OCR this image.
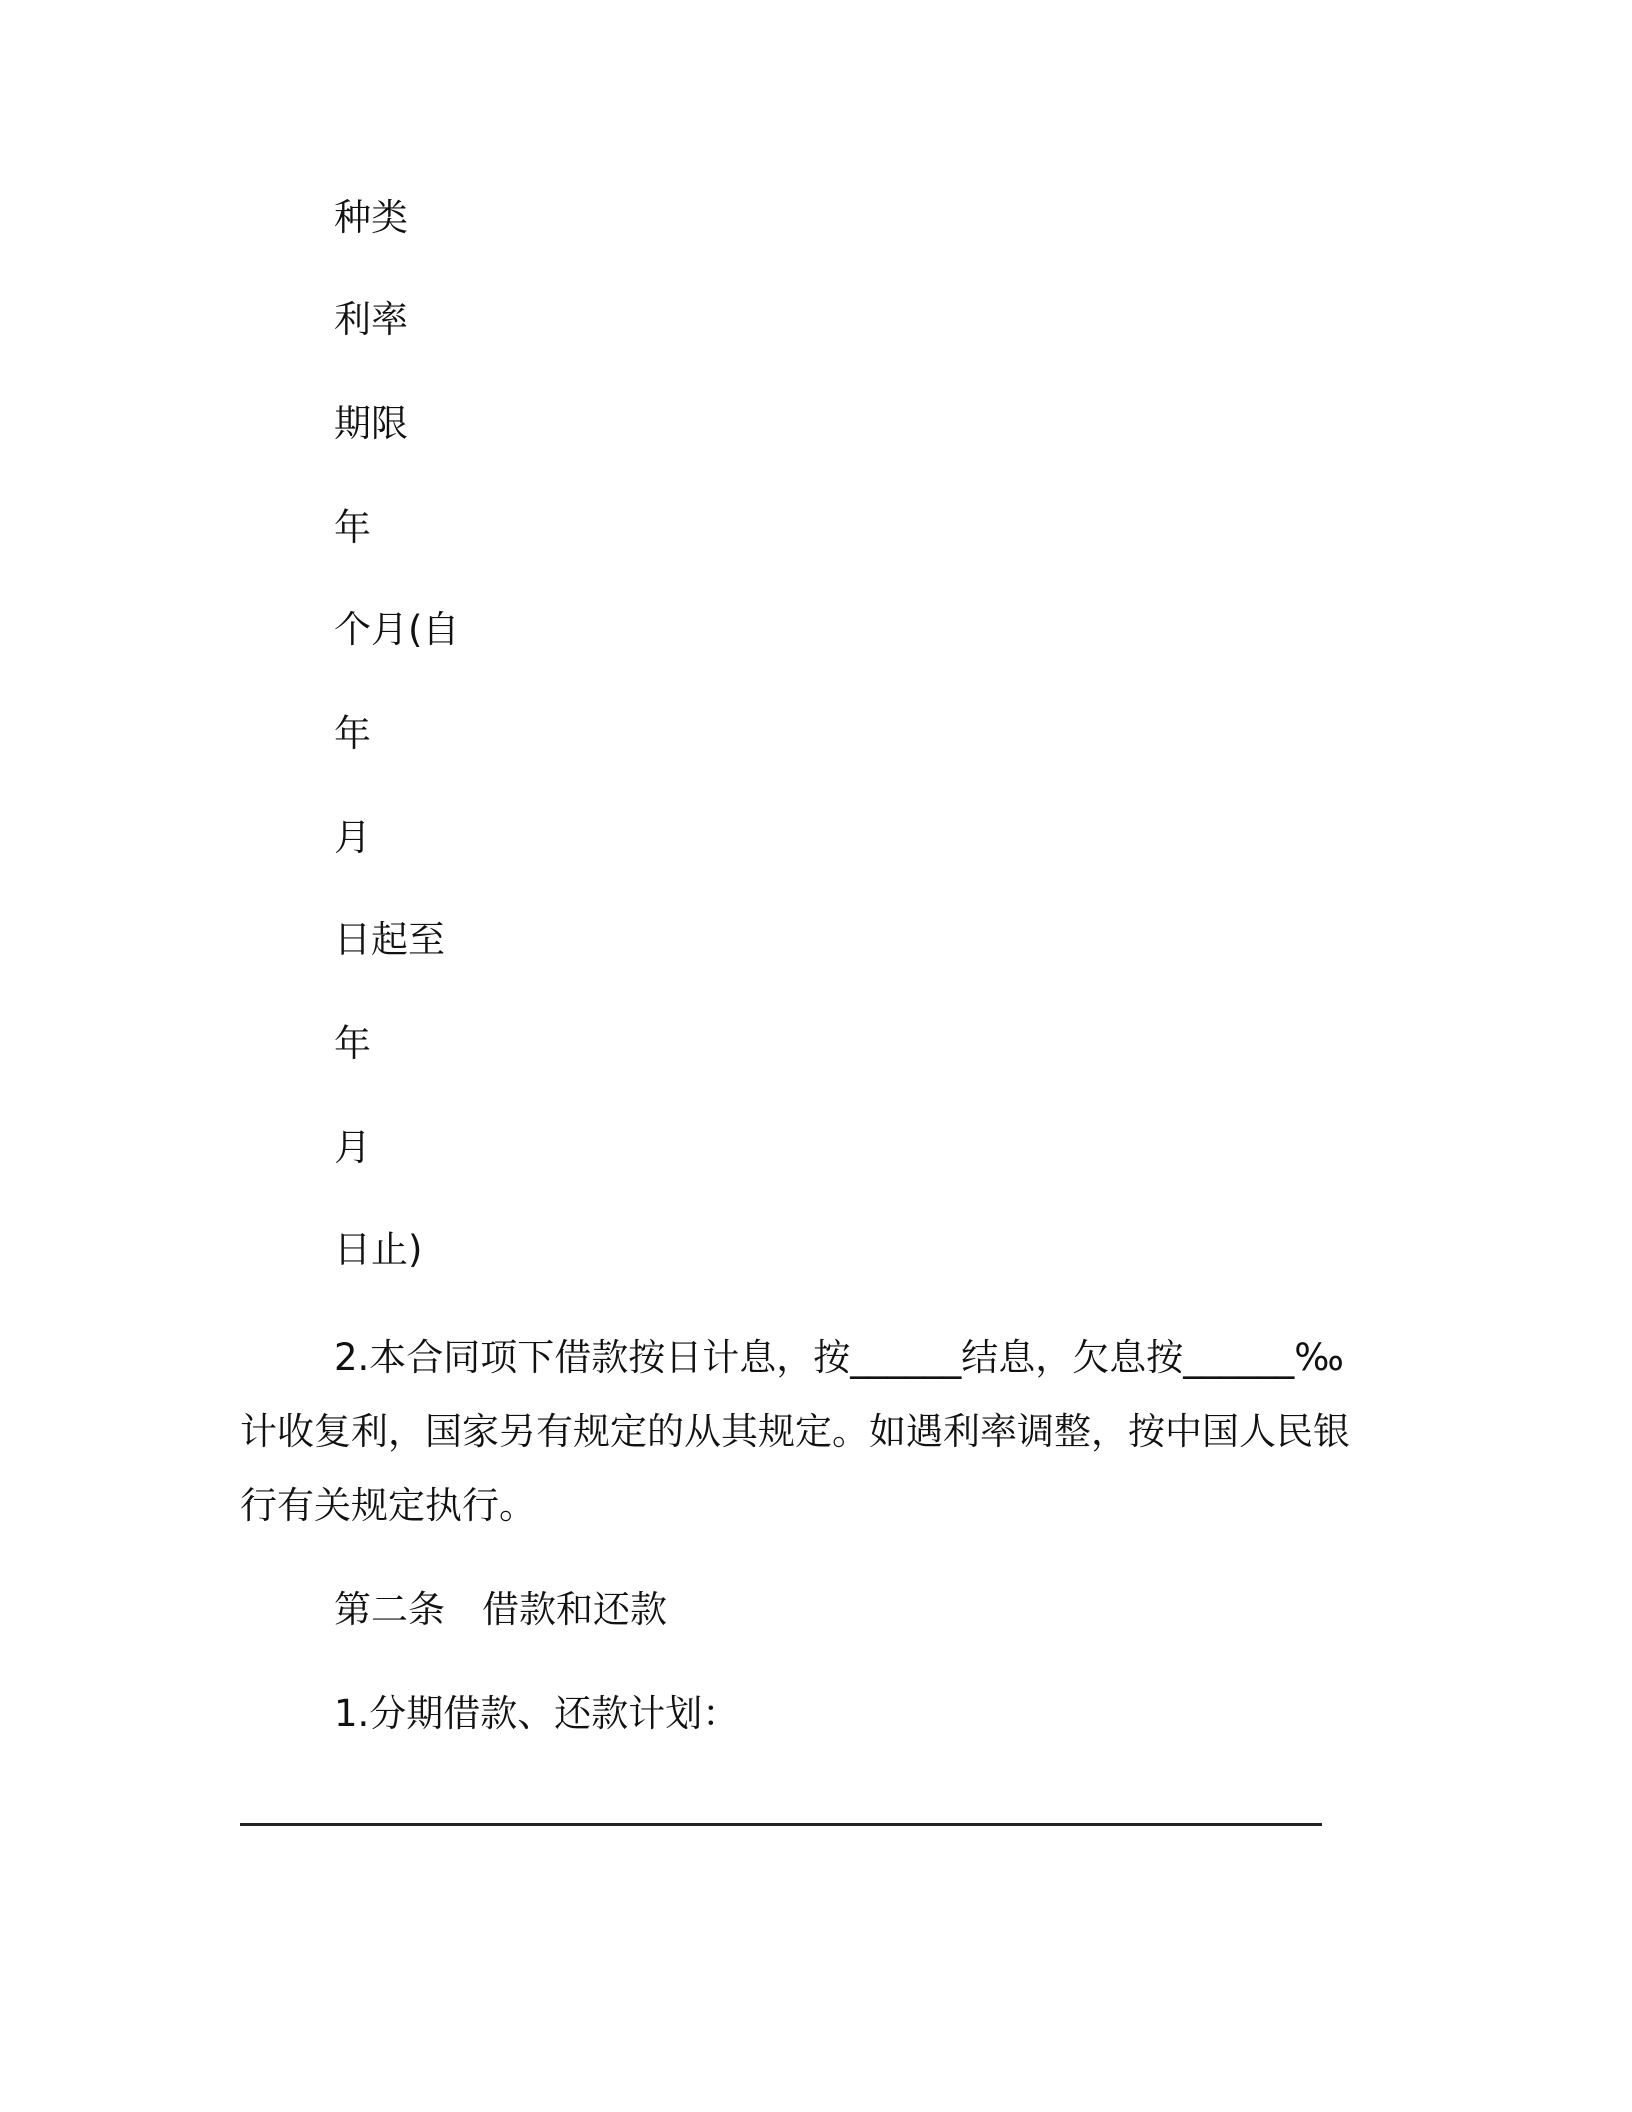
种类
利率
期限
年
个月(自
年
月
日起至
年
月
日止)
2.本合同项下借款按日计息，按______结息，欠息按______‰
计收复利，国家另有规定的从其规定。如遇利率调整，按中国人民银
行有关规定执行。
第二条　借款和还款
1.分期借款、还款计划：
